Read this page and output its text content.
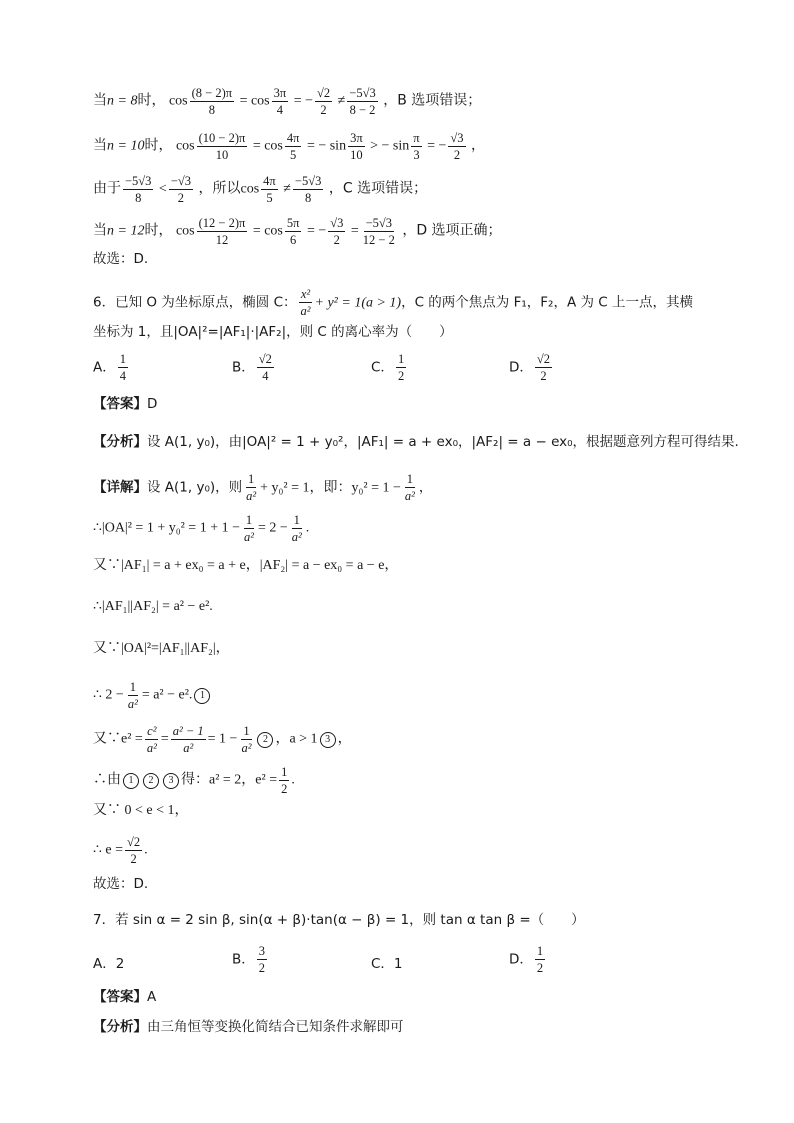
当n = 8时， $\cos \frac{(8 - 2)\pi}{8} = \cos \frac{3\pi}{4}$ = − $\frac{√2}{2} \ne \frac{-5√3}{8 - 2}$ ，B 选项错误；
当n = 10时， $\cos \frac{(10 - 2)\pi}{10} = \cos \frac{4\pi}{5}$ = − $\sin \frac{3\pi}{10}$ > − $\sin \frac{\pi}{3}$ = − $\frac{√3}{2}$ ，
由于 $\frac{-5√3}{8} < \frac{-√3}{2}$ ，所以$\cos \frac{4\pi}{5} \ne \frac{-5√3}{8}$ ，C 选项错误；
当n = 12时， $\cos \frac{(12 - 2)\pi}{12} = \cos \frac{5\pi}{6}$ = − $\frac{√3}{2} = \frac{-5√3}{12 - 2}$ ，D 选项正确；
故选：D.
6．已知 O 为坐标原点，椭圆 C： $\frac{\text{x²}}{\text{a²}} + y^2 = 1(a > 1)$，C 的两个焦点为 F₁，F₂，A 为 C 上一点，其横
坐标为 1，且|OA|²=|AF₁|·|AF₂|，则 C 的离心率为（　　）
A． $\frac{1}{4}$	B． $\frac{√2}{4}$	C． $\frac{1}{2}$	D． $\frac{√2}{2}$
【答案】D
【分析】设 A(1, y₀)，由|OA|² = 1 + y₀²，|AF₁| = a + ex₀，|AF₂| = a − ex₀，根据题意列方程可得结果.
【详解】设 A(1, y₀)，则 $\frac{1}{\text{a²}} + y_0^2 = 1$，即：$y_0^2 = 1 - \frac{1}{\text{a²}}$ ，
∴|OA|² = $1 + y_0^2 = 1 + 1 - \frac{1}{\text{a²}} = 2 - \frac{1}{\text{a²}}$ .
又∵|AF₁| = a + ex₀ = a + e，|AF₂| = a − ex₀ = a − e，
∴|AF₁||AF₂| = a² − e².
又∵|OA|²=|AF₁||AF₂|，
∴ $2 - \frac{1}{\text{a²}} = a^2 - e^2$. 1
又∵e² = $\frac{\text{c²}}{\text{a²}} = \frac{\text{a² − 1}}{\text{a²}} = 1 - \frac{1}{\text{a²}} 2$ ，a > 1 3 ，
∴由 1 2 3 得：a² = 2，$e^2 = \frac{1}{2}$ .
又∵ 0 < e < 1，
∴ $e = \frac{√2}{2}$ .
故选：D.
7．若 sin α = 2 sin β, sin(α + β)·tan(α − β) = 1，则 tan α tan β =（　　）
A．2	B． $\frac{3}{2}$	C．1	D． $\frac{1}{2}$
【答案】A
【分析】由三角恒等变换化简结合已知条件求解即可
